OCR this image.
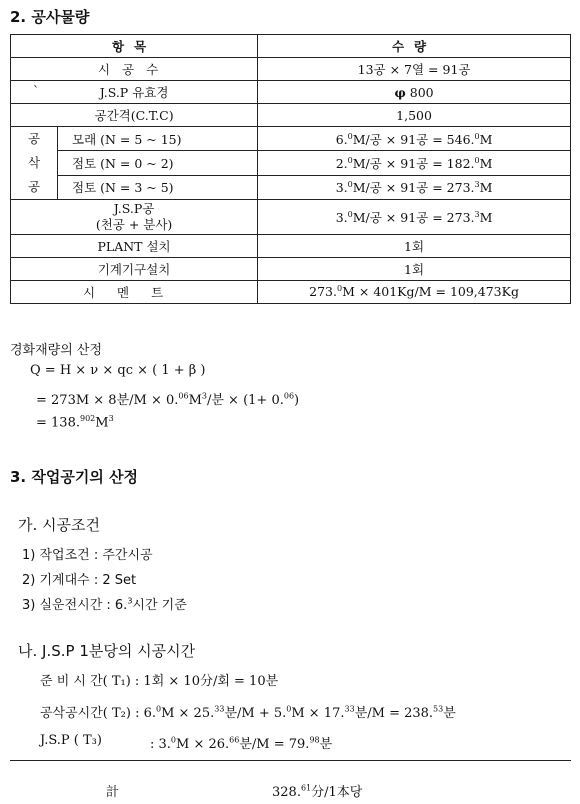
2. 공사물량
항목		수량
시공수		13공 × 7열 = 91공

` J.S.P 유효경		φ 800
공간격(C.T.C)		1,500
공
삭
공	모래 (N = 5 ~ 15)	6.$^0$M/공 × 91공 = 546.$^0$M
	점토 (N = 0 ~ 2)	2.$^0$M/공 × 91공 = 182.$^0$M
	점토 (N = 3 ~ 5)	3.$^0$M/공 × 91공 = 273.$^3$M
J.S.P공
(천공 + 분사)		3.$^0$M/공 × 91공 = 273.$^3$M
PLANT 설치		1회
기계기구설치		1회
시멘트		273.$^0$M × 401Kg/M = 109,473Kg
경화재량의 산정
Q = H × ν × qc × ( 1 + β )
= 273M × 8분$/M \times 0.06M^3/$분 × (1+ 0.06)
= $138.^{902}M^3$
3. 작업공기의 산정
가. 시공조건
1) 작업조건 : 주간시공
2) 기계대수 : 2 Set
3) 실운전시간 : 6.$^3$시간 기준
나. J.S.P 1분당의 시공시간
준 비 시 간( T₁) : 1회 × 10分/회 = 10분
공삭공시간( T₂) : 6.$^0$M × 25.33분/M + 5.$^0$M × 17.33분/M = 238.53분
J.S.P ( T₃)	: 3.$^0$M × 26.66분/M = 79.98분
計	328.61分/1本당
